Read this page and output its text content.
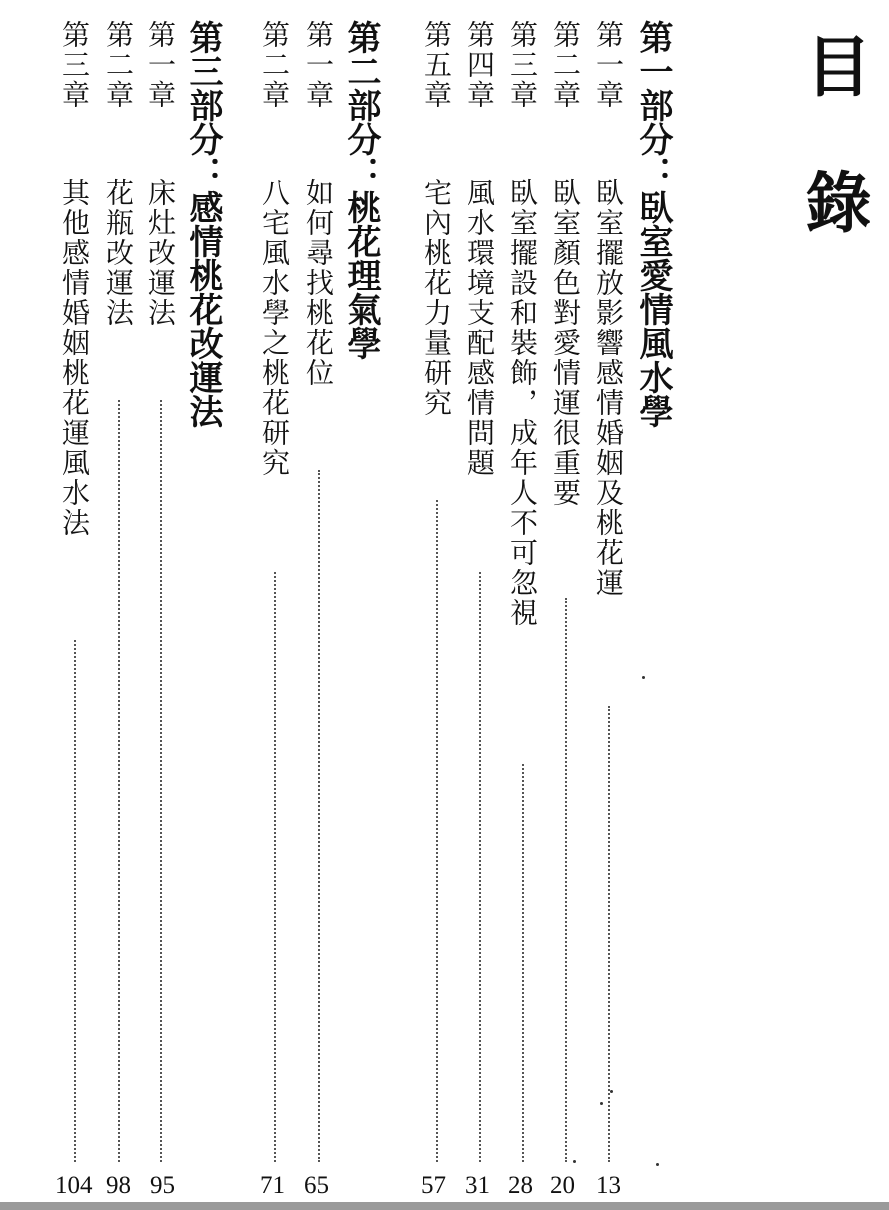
目錄
第一部分：臥室愛情風水學
第一章臥室擺放影響感情婚姻及桃花運
13
第二章臥室顏色對愛情運很重要
20
第三章臥室擺設和裝飾，成年人不可忽視
28
第四章風水環境支配感情問題
31
第五章宅內桃花力量研究
57
第二部分：桃花理氣學
第一章如何尋找桃花位
65
第二章八宅風水學之桃花研究
71
第三部分：感情桃花改運法
第一章床灶改運法
95
第二章花瓶改運法
98
第三章其他感情婚姻桃花運風水法
104
